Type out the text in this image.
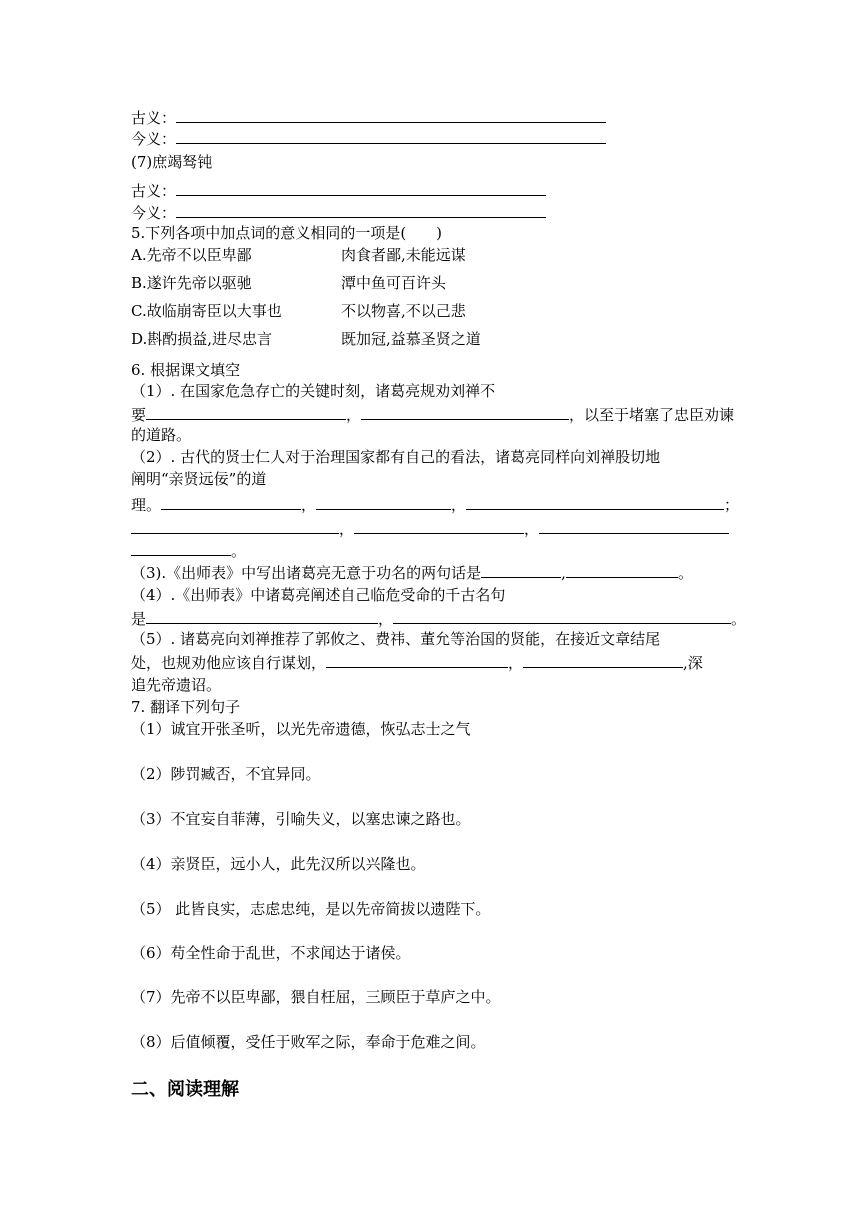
古义：
今义：
(7)庶竭驽钝
古义：
今义：
5.下列各项中加点词的意义相同的一项是(　　)
A.先帝不以臣卑鄙	肉食者鄙,未能远谋
B.遂许先帝以驱驰	潭中鱼可百许头
C.故临崩寄臣以大事也	不以物喜,不以己悲
D.斟酌损益,进尽忠言	既加冠,益慕圣贤之道
6. 根据课文填空
（1）. 在国家危急存亡的关键时刻，诸葛亮规劝刘禅不
要	，	，以至于堵塞了忠臣劝谏
的道路。
（2）. 古代的贤士仁人对于治理国家都有自己的看法，诸葛亮同样向刘禅股切地
阐明“亲贤远佞”的道
理。	，	，	；
，	，
。
（3).《出师表》中写出诸葛亮无意于功名的两句话是	,	。
（4）.《出师表》中诸葛亮阐述自己临危受命的千古名句
是	，	。
（5）. 诸葛亮向刘禅推荐了郭攸之、费祎、董允等治国的贤能，在接近文章结尾
处，也规劝他应该自行谋划，	，	,深
追先帝遗诏。
7. 翻译下列句子
（1）诚宜开张圣听，以光先帝遗德，恢弘志士之气
（2）陟罚臧否，不宜异同。
（3）不宜妄自菲薄，引喻失义，以塞忠谏之路也。
（4）亲贤臣，远小人，此先汉所以兴隆也。
（5） 此皆良实，志虑忠纯，是以先帝简拔以遗陛下。
（6）苟全性命于乱世，不求闻达于诸侯。
（7）先帝不以臣卑鄙，猥自枉屈，三顾臣于草庐之中。
（8）后值倾覆，受任于败军之际，奉命于危难之间。
二、阅读理解
